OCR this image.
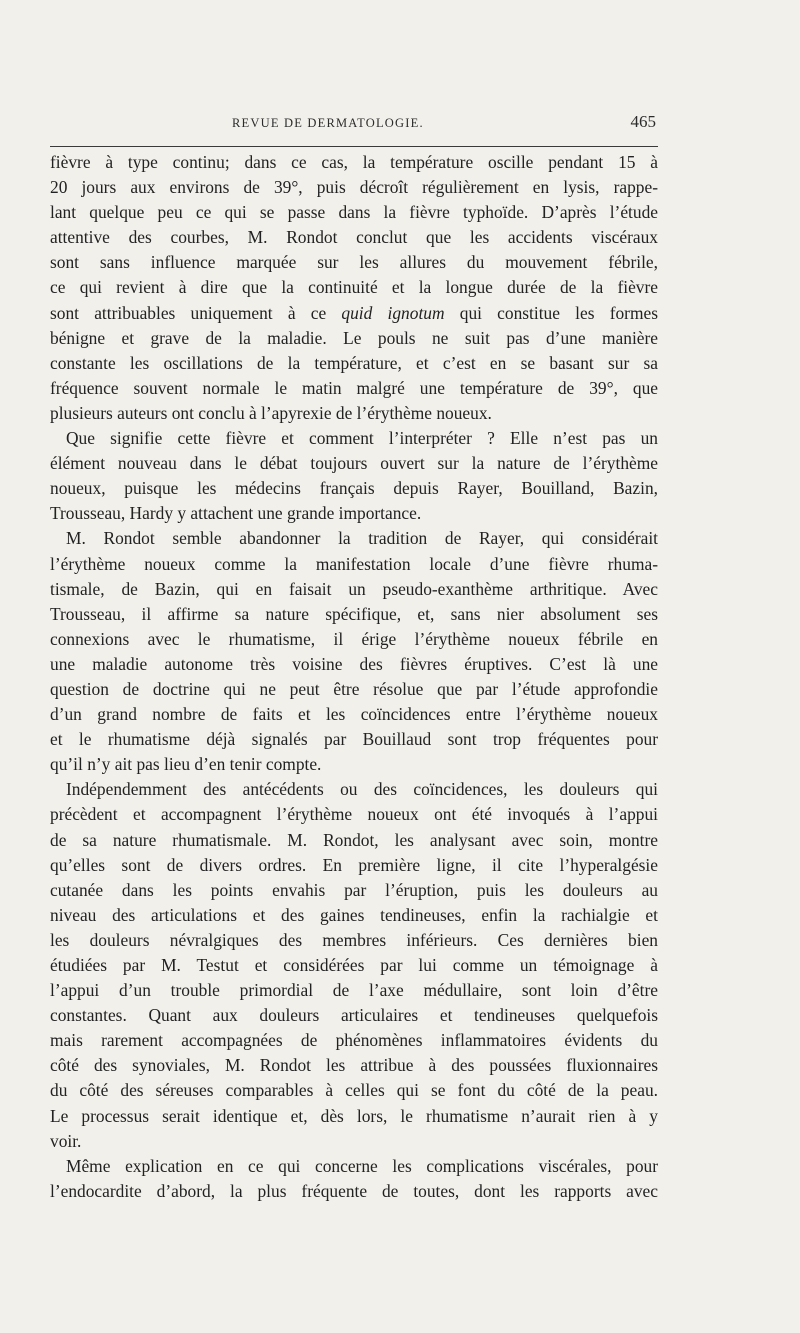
REVUE DE DERMATOLOGIE.	465
fièvre à type continu; dans ce cas, la température oscille pendant 15 à
20 jours aux environs de 39°, puis décroît régulièrement en lysis, rappe-
lant quelque peu ce qui se passe dans la fièvre typhoïde. D’après l’étude
attentive des courbes, M. Rondot conclut que les accidents viscéraux
sont sans influence marquée sur les allures du mouvement fébrile,
ce qui revient à dire que la continuité et la longue durée de la fièvre
sont attribuables uniquement à ce quid ignotum qui constitue les formes
bénigne et grave de la maladie. Le pouls ne suit pas d’une manière
constante les oscillations de la température, et c’est en se basant sur sa
fréquence souvent normale le matin malgré une température de 39°, que
plusieurs auteurs ont conclu à l’apyrexie de l’érythème noueux.
Que signifie cette fièvre et comment l’interpréter ? Elle n’est pas un
élément nouveau dans le débat toujours ouvert sur la nature de l’érythème
noueux, puisque les médecins français depuis Rayer, Bouilland, Bazin,
Trousseau, Hardy y attachent une grande importance.
M. Rondot semble abandonner la tradition de Rayer, qui considérait
l’érythème noueux comme la manifestation locale d’une fièvre rhuma-
tismale, de Bazin, qui en faisait un pseudo-exanthème arthritique. Avec
Trousseau, il affirme sa nature spécifique, et, sans nier absolument ses
connexions avec le rhumatisme, il érige l’érythème noueux fébrile en
une maladie autonome très voisine des fièvres éruptives. C’est là une
question de doctrine qui ne peut être résolue que par l’étude approfondie
d’un grand nombre de faits et les coïncidences entre l’érythème noueux
et le rhumatisme déjà signalés par Bouillaud sont trop fréquentes pour
qu’il n’y ait pas lieu d’en tenir compte.
Indépendemment des antécédents ou des coïncidences, les douleurs qui
précèdent et accompagnent l’érythème noueux ont été invoqués à l’appui
de sa nature rhumatismale. M. Rondot, les analysant avec soin, montre
qu’elles sont de divers ordres. En première ligne, il cite l’hyperalgésie
cutanée dans les points envahis par l’éruption, puis les douleurs au
niveau des articulations et des gaines tendineuses, enfin la rachialgie et
les douleurs névralgiques des membres inférieurs. Ces dernières bien
étudiées par M. Testut et considérées par lui comme un témoignage à
l’appui d’un trouble primordial de l’axe médullaire, sont loin d’être
constantes. Quant aux douleurs articulaires et tendineuses quelquefois
mais rarement accompagnées de phénomènes inflammatoires évidents du
côté des synoviales, M. Rondot les attribue à des poussées fluxionnaires
du côté des séreuses comparables à celles qui se font du côté de la peau.
Le processus serait identique et, dès lors, le rhumatisme n’aurait rien à y
voir.
Même explication en ce qui concerne les complications viscérales, pour
l’endocardite d’abord, la plus fréquente de toutes, dont les rapports avec
